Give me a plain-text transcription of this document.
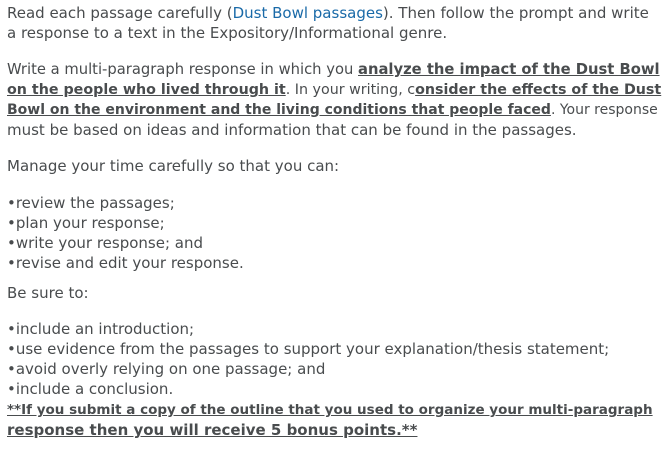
Read each passage carefully (Dust Bowl passages). Then follow the prompt and write
a response to a text in the Expository/Informational genre.
Write a multi-paragraph response in which you analyze the impact of the Dust Bowl
on the people who lived through it. In your writing, consider the effects of the Dust
Bowl on the environment and the living conditions that people faced. Your response
must be based on ideas and information that can be found in the passages.
Manage your time carefully so that you can:
•review the passages;
•plan your response;
•write your response; and
•revise and edit your response.
Be sure to:
•include an introduction;
•use evidence from the passages to support your explanation/thesis statement;
•avoid overly relying on one passage; and
•include a conclusion.
**If you submit a copy of the outline that you used to organize your multi-paragraph
response then you will receive 5 bonus points.**
